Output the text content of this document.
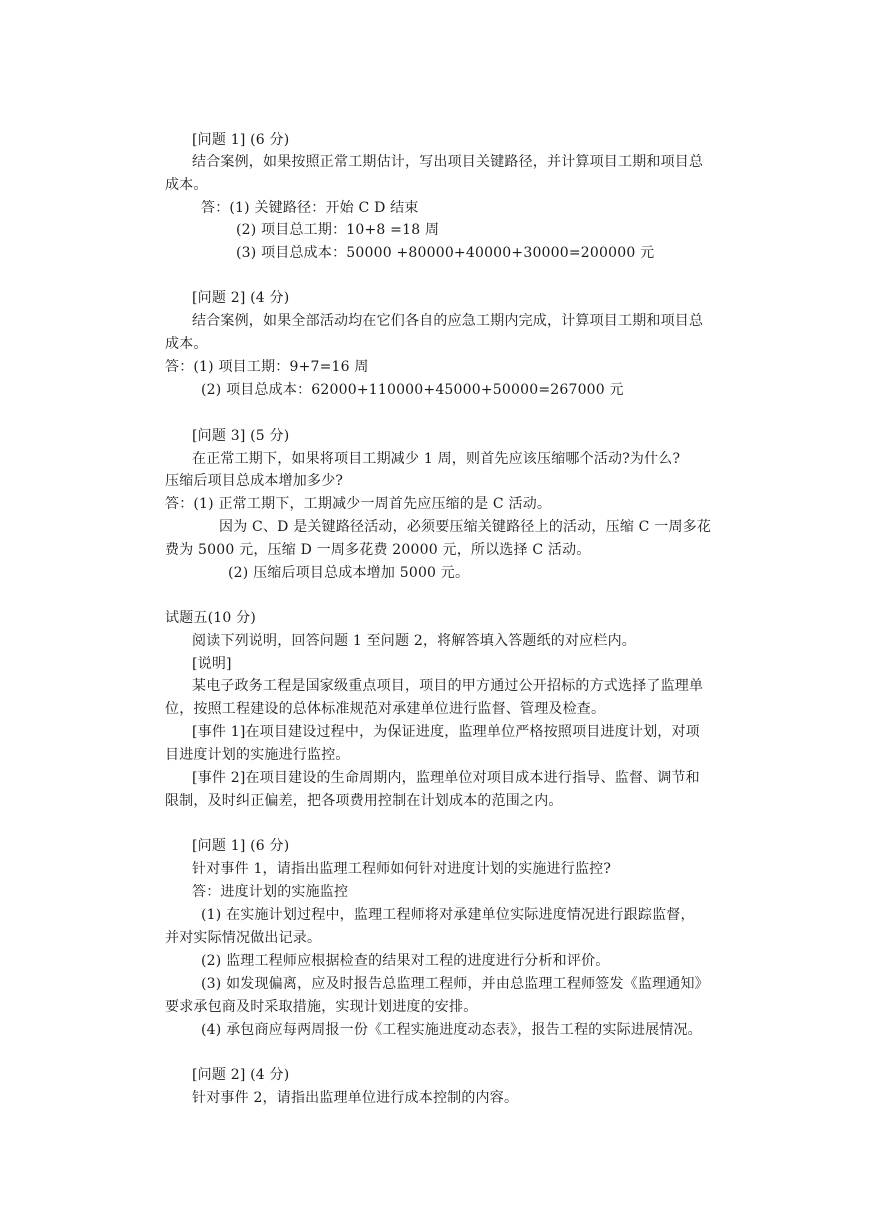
[问题 1] (6 分)
结合案例，如果按照正常工期估计，写出项目关键路径，并计算项目工期和项目总
成本。
答：(1) 关键路径：开始 C D 结束
(2) 项目总工期：10+8 =18 周
(3) 项目总成本：50000 +80000+40000+30000=200000 元
[问题 2] (4 分)
结合案例，如果全部活动均在它们各自的应急工期内完成，计算项目工期和项目总
成本。
答：(1) 项目工期：9+7=16 周
(2) 项目总成本：62000+110000+45000+50000=267000 元
[问题 3] (5 分)
在正常工期下，如果将项目工期减少 1 周，则首先应该压缩哪个活动?为什么?
压缩后项目总成本增加多少?
答：(1) 正常工期下，工期减少一周首先应压缩的是 C 活动。
因为 C、D 是关键路径活动，必须要压缩关键路径上的活动，压缩 C 一周多花
费为 5000 元，压缩 D 一周多花费 20000 元，所以选择 C 活动。
(2) 压缩后项目总成本增加 5000 元。
试题五(10 分)
阅读下列说明，回答问题 1 至问题 2，将解答填入答题纸的对应栏内。
[说明]
某电子政务工程是国家级重点项目，项目的甲方通过公开招标的方式选择了监理单
位，按照工程建设的总体标准规范对承建单位进行监督、管理及检查。
[事件 1]在项目建设过程中，为保证进度，监理单位严格按照项目进度计划，对项
目进度计划的实施进行监控。
[事件 2]在项目建设的生命周期内，监理单位对项目成本进行指导、监督、调节和
限制，及时纠正偏差，把各项费用控制在计划成本的范围之内。
[问题 1] (6 分)
针对事件 1，请指出监理工程师如何针对进度计划的实施进行监控?
答：进度计划的实施监控
(1) 在实施计划过程中，监理工程师将对承建单位实际进度情况进行跟踪监督，
并对实际情况做出记录。
(2) 监理工程师应根据检查的结果对工程的进度进行分析和评价。
(3) 如发现偏离，应及时报告总监理工程师，并由总监理工程师签发《监理通知》
要求承包商及时采取措施，实现计划进度的安排。
(4) 承包商应每两周报一份《工程实施进度动态表》，报告工程的实际进展情况。
[问题 2] (4 分)
针对事件 2，请指出监理单位进行成本控制的内容。
